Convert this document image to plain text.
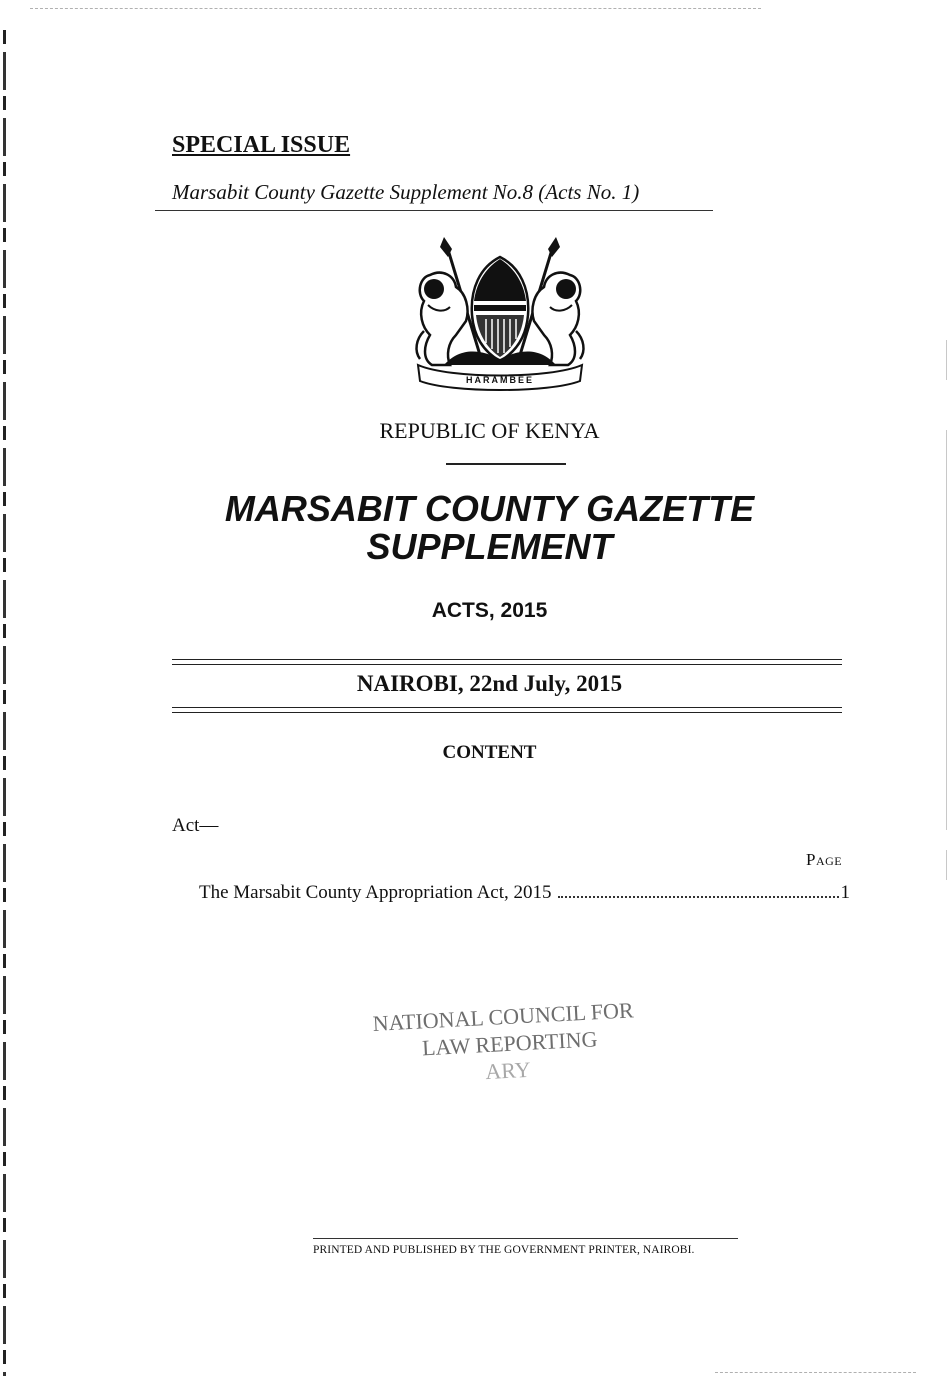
SPECIAL ISSUE
Marsabit County Gazette Supplement No.8 (Acts No. 1)
HARAMBEE
REPUBLIC OF KENYA
MARSABIT COUNTY GAZETTE
SUPPLEMENT
ACTS, 2015
NAIROBI, 22nd July, 2015
CONTENT
Act—
Page
The Marsabit County Appropriation Act, 2015	1
NATIONAL COUNCIL FOR
LAW REPORTING
ARY
PRINTED AND PUBLISHED BY THE GOVERNMENT PRINTER, NAIROBI.
